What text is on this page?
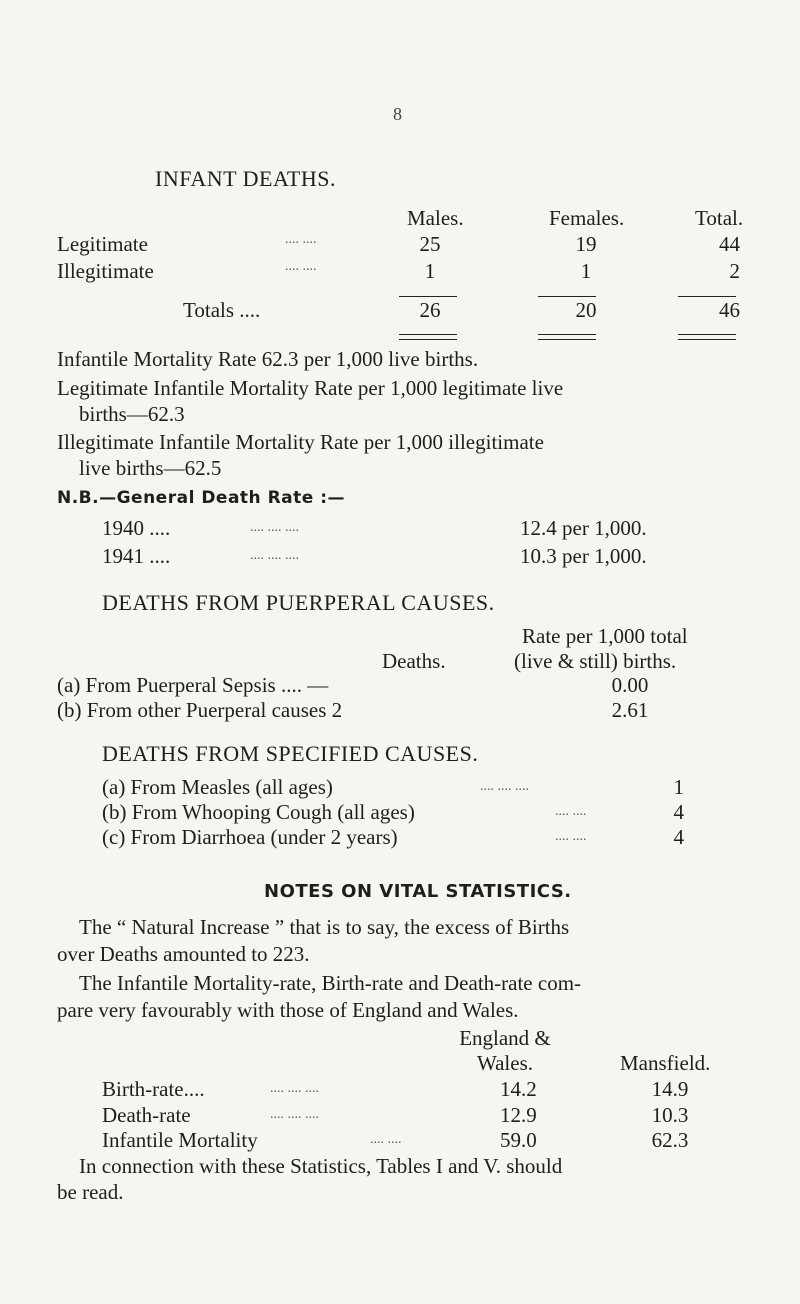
8
INFANT DEATHS.
Males.	Females.	Total.
Legitimate	.... ....	25	19	44
Illegitimate	.... ....	1	1	2
Totals ....	26	20	46
Infantile Mortality Rate 62.3 per 1,000 live births.
Legitimate Infantile Mortality Rate per 1,000 legitimate live
births—62.3
Illegitimate Infantile Mortality Rate per 1,000 illegitimate
live births—62.5
N.B.—General Death Rate :—
1940 ....	.... .... ....	12.4 per 1,000.
1941 ....	.... .... ....	10.3 per 1,000.
DEATHS FROM PUERPERAL CAUSES.
Rate per 1,000 total
Deaths.	(live & still) births.
(a) From Puerperal Sepsis .... —	0.00
(b) From other Puerperal causes 2	2.61
DEATHS FROM SPECIFIED CAUSES.
(a) From Measles (all ages)	.... .... ....	1
(b) From Whooping Cough (all ages)	.... ....	4
(c) From Diarrhoea (under 2 years)	.... ....	4
NOTES ON VITAL STATISTICS.
The “ Natural Increase ” that is to say, the excess of Births
over Deaths amounted to 223.
The Infantile Mortality-rate, Birth-rate and Death-rate com-
pare very favourably with those of England and Wales.
England &
Wales.	Mansfield.
Birth-rate....	.... .... ....	14.2	14.9
Death-rate	.... .... ....	12.9	10.3
Infantile Mortality	.... ....	59.0	62.3
In connection with these Statistics, Tables I and V. should
be read.
